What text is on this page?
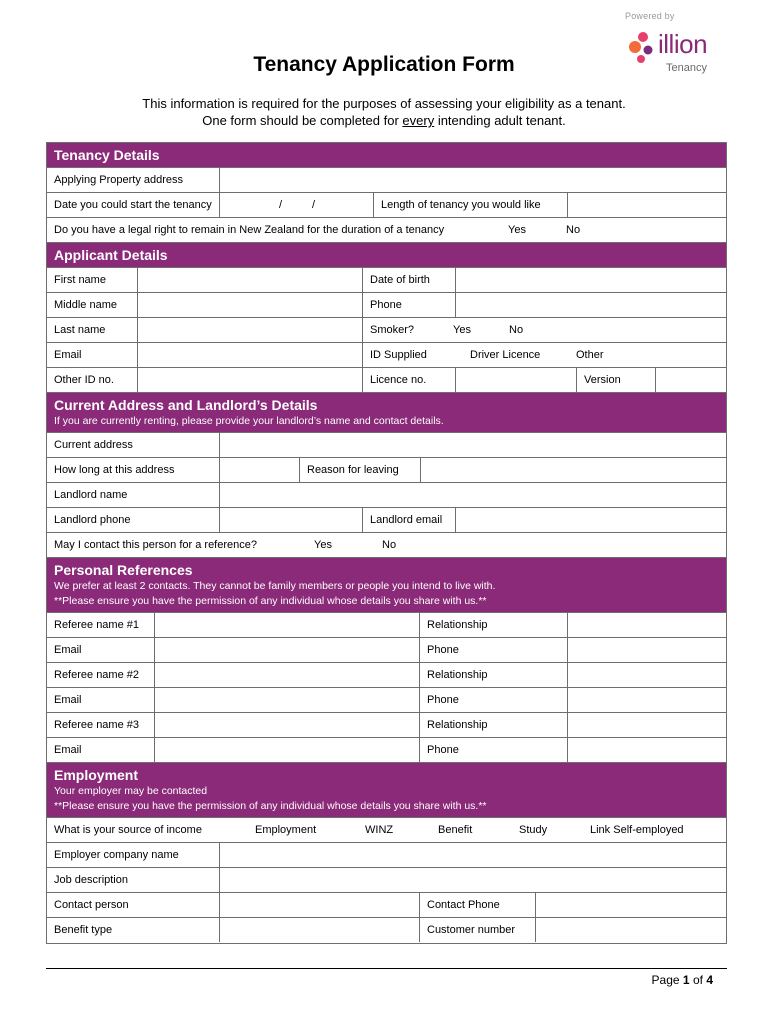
Powered by
illion
Tenancy
Tenancy Application Form
This information is required for the purposes of assessing your eligibility as a tenant.
One form should be completed for every intending adult tenant.
Tenancy Details
Applying Property address
Date you could start the tenancy	/	/	Length of tenancy you would like
Do you have a legal right to remain in New Zealand for the duration of a tenancy	Yes	No
Applicant Details
First name	Date of birth
Middle name	Phone
Last name	Smoker?	Yes	No
Email	ID Supplied	Driver Licence	Other
Other ID no.	Licence no.	Version
Current Address and Landlord’s Details
If you are currently renting, please provide your landlord’s name and contact details.
Current address
How long at this address	Reason for leaving
Landlord name
Landlord phone	Landlord email
May I contact this person for a reference?	Yes	No
Personal References
We prefer at least 2 contacts. They cannot be family members or people you intend to live with.
**Please ensure you have the permission of any individual whose details you share with us.**
Referee name #1	Relationship
Email	Phone
Referee name #2	Relationship
Email	Phone
Referee name #3	Relationship
Email	Phone
Employment
Your employer may be contacted
**Please ensure you have the permission of any individual whose details you share with us.**
What is your source of income	Employment	WINZ	Benefit	Study	Link Self-employed
Employer company name
Job description
Contact person	Contact Phone
Benefit type	Customer number
Page 1 of 4
